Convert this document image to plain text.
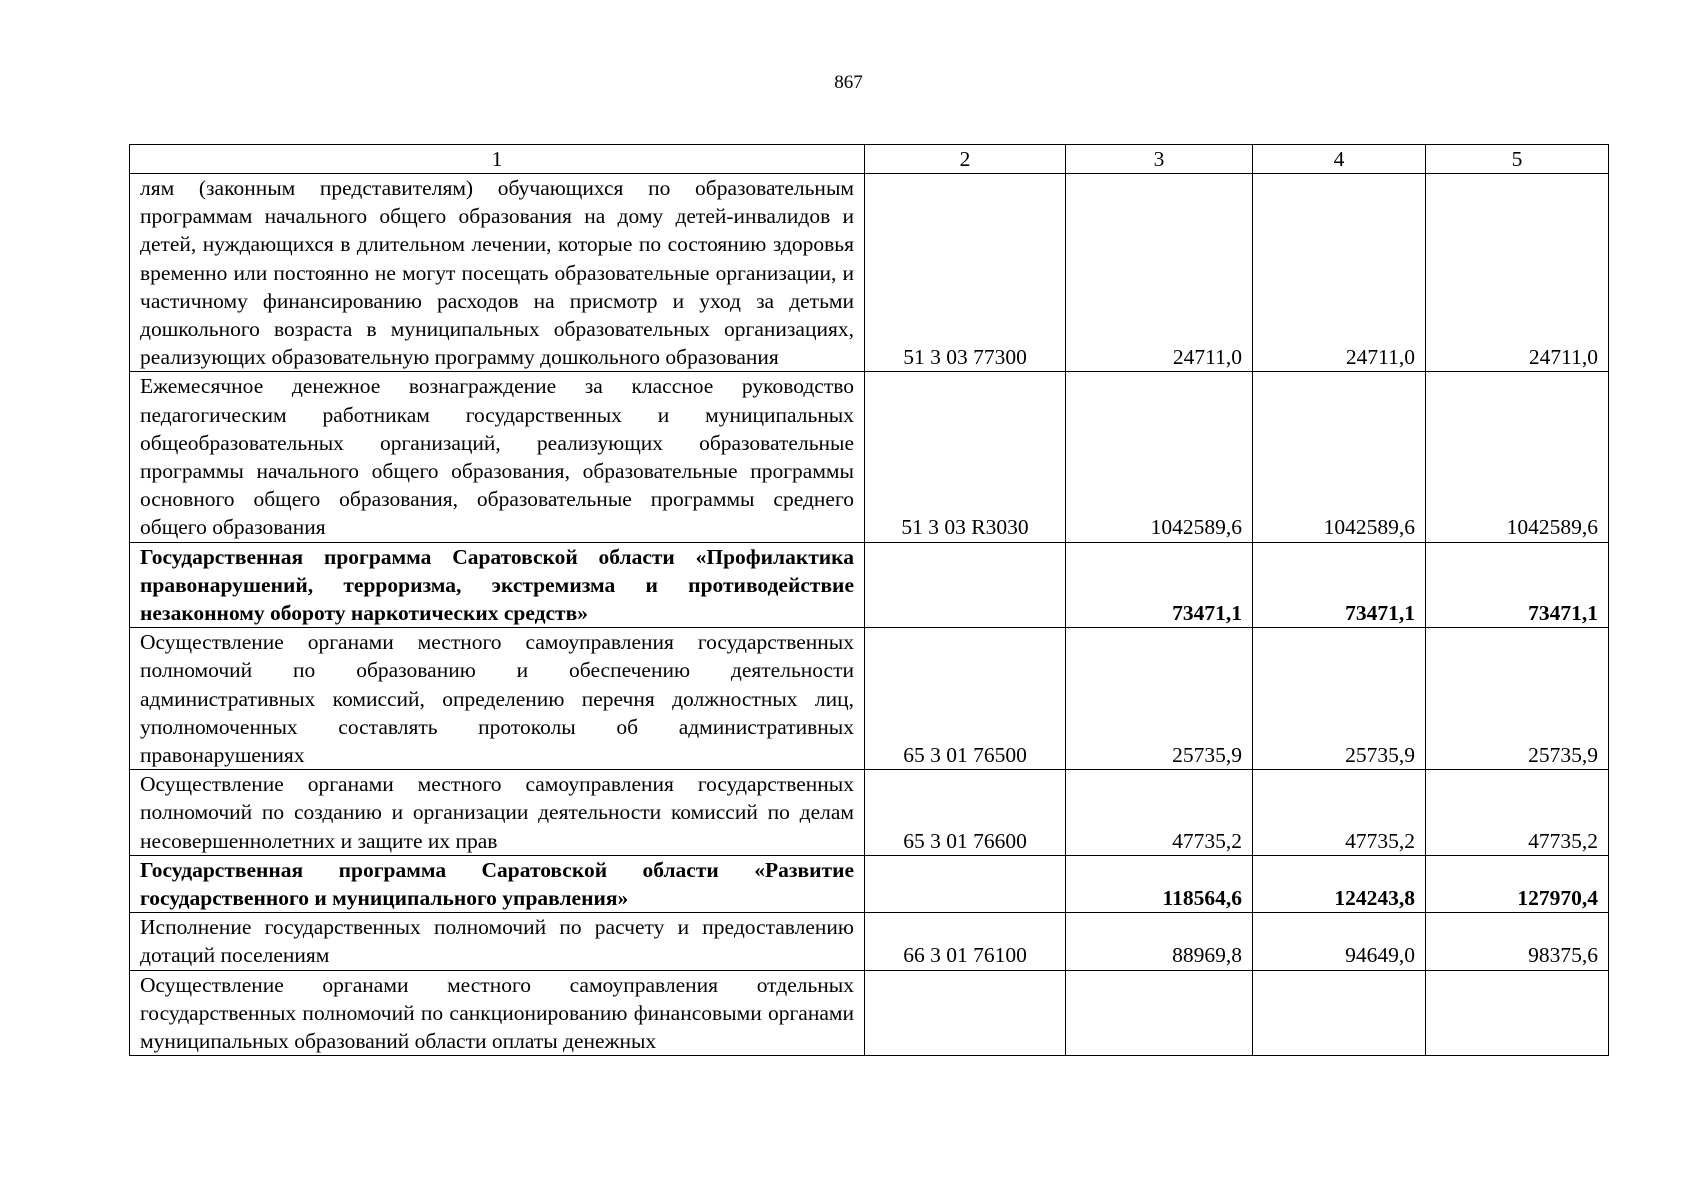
867
1	2	3	4	5
лям (законным представителям) обучающихся по образовательным программам начального общего образования на дому детей-инвалидов и детей, нуждающихся в длительном лечении, которые по состоянию здоровья временно или постоянно не могут посещать образовательные организации, и частичному финансированию расходов на присмотр и уход за детьми дошкольного возраста в муниципальных образовательных организациях, реализующих образовательную программу дошкольного образования	51 3 03 77300	24711,0	24711,0	24711,0
Ежемесячное денежное вознаграждение за классное руководство педагогическим работникам государственных и муниципальных общеобразовательных организаций, реализующих образовательные программы начального общего образования, образовательные программы основного общего образования, образовательные программы среднего общего образования	51 3 03 R3030	1042589,6	1042589,6	1042589,6
Государственная программа Саратовской области «Профилактика правонарушений, терроризма, экстремизма и противодействие незаконному обороту наркотических средств»		73471,1	73471,1	73471,1
Осуществление органами местного самоуправления государственных полномочий по образованию и обеспечению деятельности административных комиссий, определению перечня должностных лиц, уполномоченных составлять протоколы об административных правонарушениях	65 3 01 76500	25735,9	25735,9	25735,9
Осуществление органами местного самоуправления государственных полномочий по созданию и организации деятельности комиссий по делам несовершеннолетних и защите их прав	65 3 01 76600	47735,2	47735,2	47735,2
Государственная программа Саратовской области «Развитие государственного и муниципального управления»		118564,6	124243,8	127970,4
Исполнение государственных полномочий по расчету и предоставлению дотаций поселениям	66 3 01 76100	88969,8	94649,0	98375,6
Осуществление органами местного самоуправления отдельных государственных полномочий по санкционированию финансовыми органами муниципальных образований области оплаты денежных				
